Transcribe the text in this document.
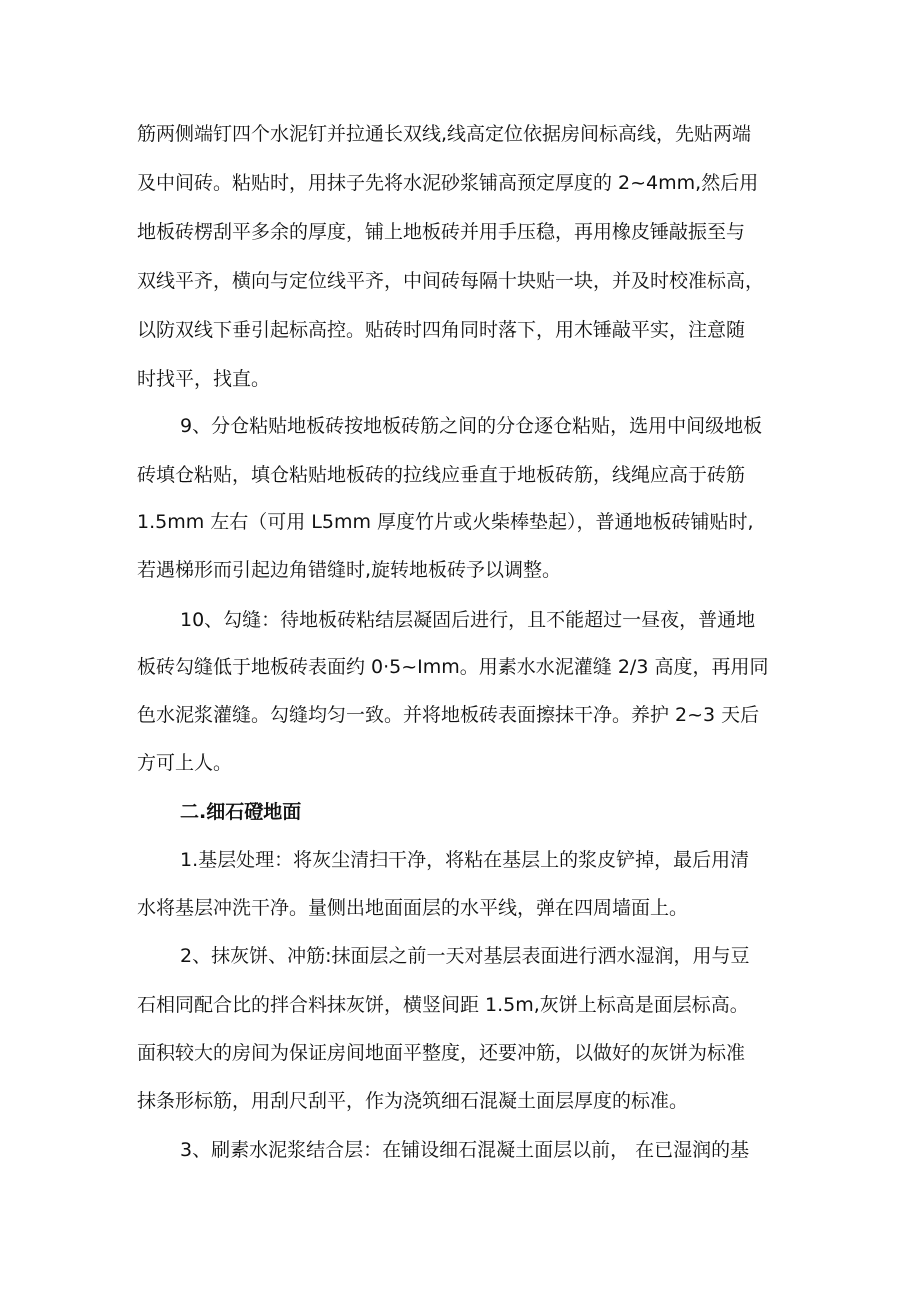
筋两侧端钉四个水泥钉并拉通长双线,线高定位依据房间标高线，先贴两端

及中间砖。粘贴时，用抹子先将水泥砂浆铺高预定厚度的 2~4mm,然后用

地板砖楞刮平多余的厚度，铺上地板砖并用手压稳，再用橡皮锤敲振至与

双线平齐，横向与定位线平齐，中间砖每隔十块贴一块，并及时校准标高，

以防双线下垂引起标高控。贴砖时四角同时落下，用木锤敲平实，注意随

时找平，找直。

9、分仓粘贴地板砖按地板砖筋之间的分仓逐仓粘贴，选用中间级地板

砖填仓粘贴，填仓粘贴地板砖的拉线应垂直于地板砖筋，线绳应高于砖筋

1.5mm 左右（可用 L5mm 厚度竹片或火柴棒垫起），普通地板砖铺贴时,

若遇梯形而引起边角错缝时,旋转地板砖予以调整。

10、勾缝：待地板砖粘结层凝固后进行，且不能超过一昼夜，普通地

板砖勾缝低于地板砖表面约 0·5~Imm。用素水水泥灌缝 2/3 高度，再用同

色水泥浆灌缝。勾缝均匀一致。并将地板砖表面擦抹干净。养护 2~3 天后

方可上人。

二.细石磴地面

1.基层处理：将灰尘清扫干净，将粘在基层上的浆皮铲掉，最后用清

水将基层冲洗干净。量侧出地面面层的水平线，弹在四周墙面上。

2、抹灰饼、冲筋:抹面层之前一天对基层表面进行洒水湿润，用与豆

石相同配合比的拌合料抹灰饼，横竖间距 1.5m,灰饼上标高是面层标高。

面积较大的房间为保证房间地面平整度，还要冲筋，以做好的灰饼为标准

抹条形标筋，用刮尺刮平，作为浇筑细石混凝土面层厚度的标准。

3、刷素水泥浆结合层：在铺设细石混凝土面层以前， 在已湿润的基
